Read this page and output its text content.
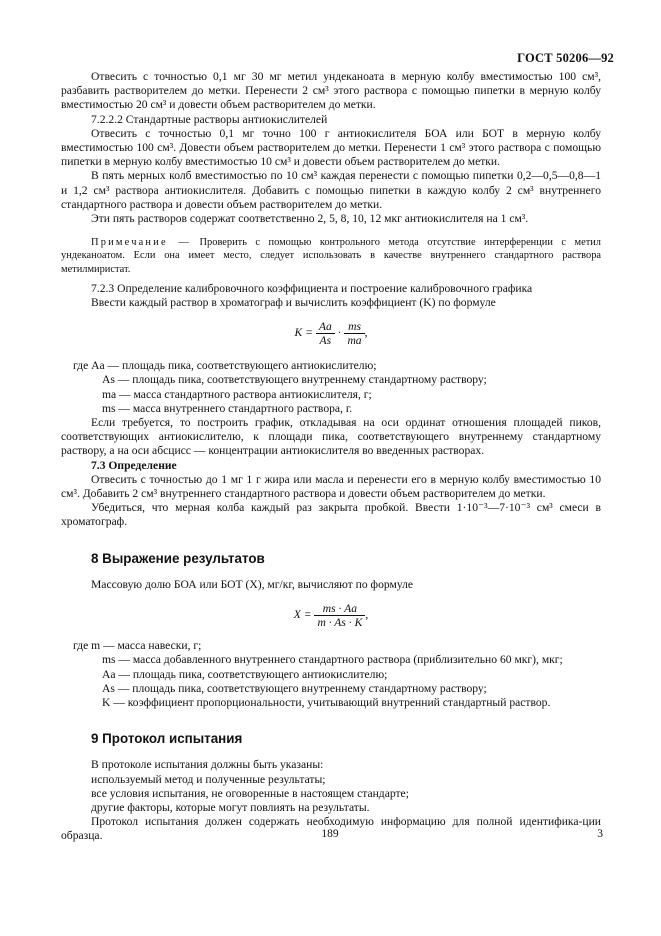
ГОСТ 50206—92

Отвесить с точностью 0,1 мг 30 мг метил ундеканоата в мерную колбу вместимостью 100 см³, разбавить растворителем до метки. Перенести 2 см³ этого раствора с помощью пипетки в мерную колбу вместимостью 20 см³ и довести объем растворителем до метки.

7.2.2.2 Стандартные растворы антиокислителей

Отвесить с точностью 0,1 мг точно 100 г антиокислителя БОА или БОТ в мерную колбу вместимостью 100 см³. Довести объем растворителем до метки. Перенести 1 см³ этого раствора с помощью пипетки в мерную колбу вместимостью 10 см³ и довести объем растворителем до метки.

В пять мерных колб вместимостью по 10 см³ каждая перенести с помощью пипетки 0,2—0,5—0,8—1 и 1,2 см³ раствора антиокислителя. Добавить с помощью пипетки в каждую колбу 2 см³ внутреннего стандартного раствора и довести объем растворителем до метки.

Эти пять растворов содержат соответственно 2, 5, 8, 10, 12 мкг антиокислителя на 1 см³.

Примечание — Проверить с помощью контрольного метода отсутствие интерференции с метил ундеканоатом. Если она имеет место, следует использовать в качестве внутреннего стандартного раствора метилмиристат.

7.2.3 Определение калибровочного коэффициента и построение калибровочного графика

Ввести каждый раствор в хроматограф и вычислить коэффициент (K) по формуле

$K = \frac{Aa}{As} \cdot \frac{ms}{ma}$ ,

где Aa — площадь пика, соответствующего антиокислителю;

As — площадь пика, соответствующего внутреннему стандартному раствору;

ma — масса стандартного раствора антиокислителя, г;

ms — масса внутреннего стандартного раствора, г.

Если требуется, то построить график, откладывая на оси ординат отношения площадей пиков, соответствующих антиокислителю, к площади пика, соответствующего внутреннему стандартному раствору, а на оси абсцисс — концентрации антиокислителя во введенных растворах.

7.3 Определение

Отвесить с точностью до 1 мг 1 г жира или масла и перенести его в мерную колбу вместимостью 10 см³. Добавить 2 см³ внутреннего стандартного раствора и довести объем растворителем до метки.

Убедиться, что мерная колба каждый раз закрыта пробкой. Ввести 1·10⁻³—7·10⁻³ см³ смеси в хроматограф.

8 Выражение результатов

Массовую долю БОА или БОТ (X), мг/кг, вычисляют по формуле

$X = \frac{ms \cdot Aa}{m \cdot As \cdot K}$ ,

где m — масса навески, г;

ms — масса добавленного внутреннего стандартного раствора (приблизительно 60 мкг), мкг;

Aa — площадь пика, соответствующего антиокислителю;

As — площадь пика, соответствующего внутреннему стандартному раствору;

K — коэффициент пропорциональности, учитывающий внутренний стандартный раствор.

9 Протокол испытания

В протоколе испытания должны быть указаны:

используемый метод и полученные результаты;

все условия испытания, не оговоренные в настоящем стандарте;

другие факторы, которые могут повлиять на результаты.

Протокол испытания должен содержать необходимую информацию для полной идентифика-ции образца.	189	3
